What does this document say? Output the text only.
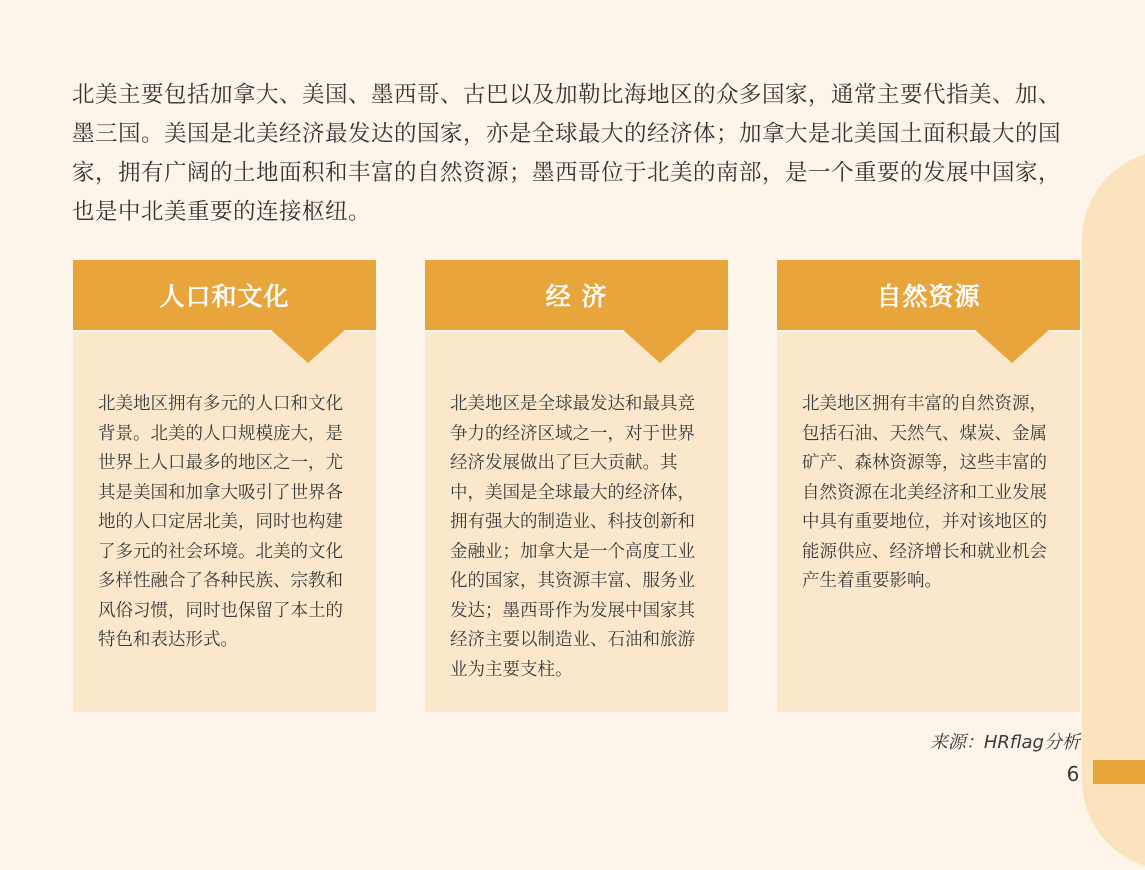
北美主要包括加拿大、美国、墨西哥、古巴以及加勒比海地区的众多国家，通常主要代指美、加、墨三国。美国是北美经济最发达的国家，亦是全球最大的经济体；加拿大是北美国土面积最大的国家，拥有广阔的土地面积和丰富的自然资源；墨西哥位于北美的南部，是一个重要的发展中国家，也是中北美重要的连接枢纽。
人口和文化
北美地区拥有多元的人口和文化背景。北美的人口规模庞大，是世界上人口最多的地区之一，尤其是美国和加拿大吸引了世界各地的人口定居北美，同时也构建了多元的社会环境。北美的文化多样性融合了各种民族、宗教和风俗习惯，同时也保留了本土的特色和表达形式。
经 济
北美地区是全球最发达和最具竞争力的经济区域之一，对于世界经济发展做出了巨大贡献。其中，美国是全球最大的经济体，拥有强大的制造业、科技创新和金融业；加拿大是一个高度工业化的国家，其资源丰富、服务业发达；墨西哥作为发展中国家其经济主要以制造业、石油和旅游业为主要支柱。
自然资源
北美地区拥有丰富的自然资源，包括石油、天然气、煤炭、金属矿产、森林资源等，这些丰富的自然资源在北美经济和工业发展中具有重要地位，并对该地区的能源供应、经济增长和就业机会产生着重要影响。
来源：HRflag分析
6
